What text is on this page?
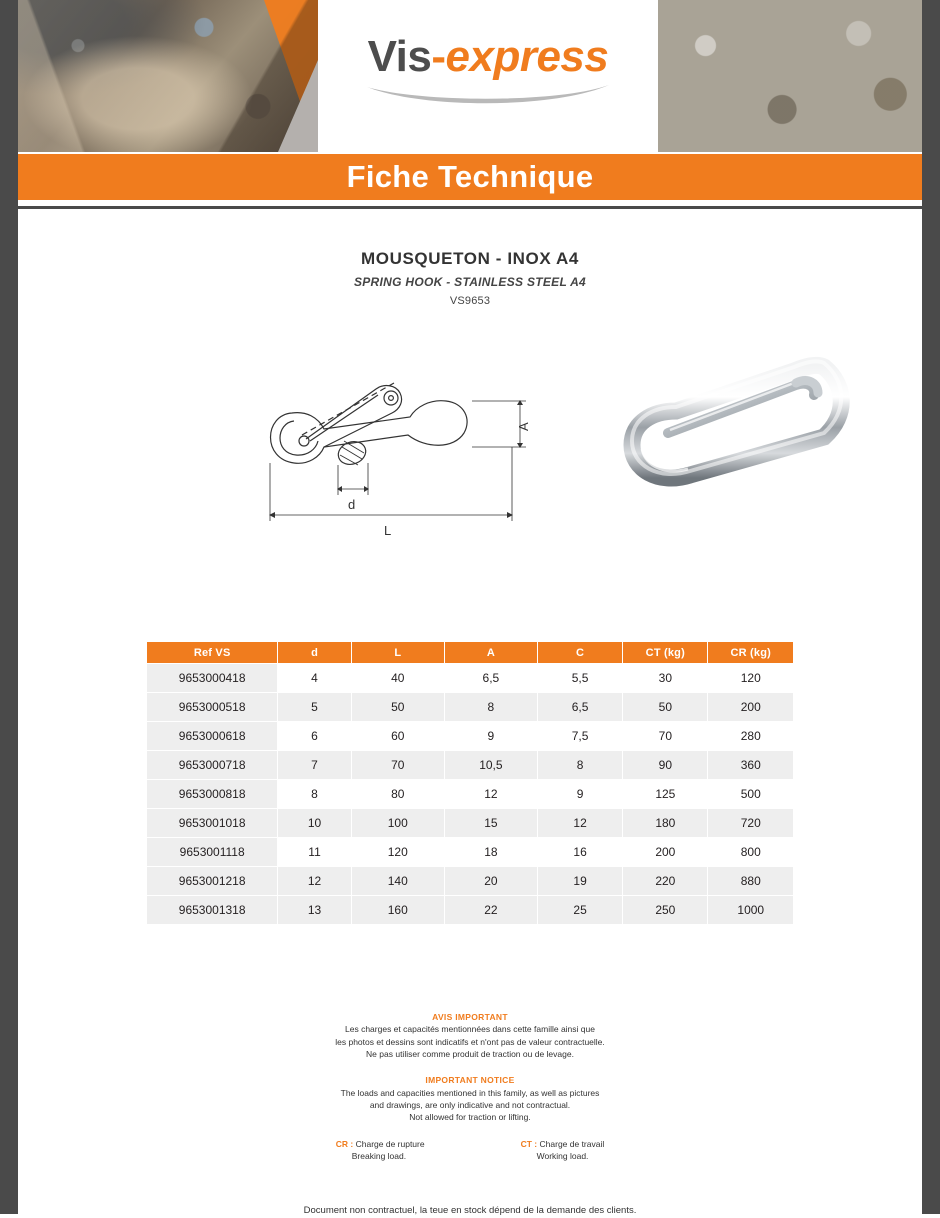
Vis-express
Fiche Technique
MOUSQUETON - INOX A4
SPRING HOOK - STAINLESS STEEL A4
VS9653
A
d
L
Ref VS	d	L	A	C	CT (kg)	CR (kg)
9653000418	4	40	6,5	5,5	30	120
9653000518	5	50	8	6,5	50	200
9653000618	6	60	9	7,5	70	280
9653000718	7	70	10,5	8	90	360
9653000818	8	80	12	9	125	500
9653001018	10	100	15	12	180	720
9653001118	11	120	18	16	200	800
9653001218	12	140	20	19	220	880
9653001318	13	160	22	25	250	1000
AVIS IMPORTANT
Les charges et capacités mentionnées dans cette famille ainsi que
les photos et dessins sont indicatifs et n'ont pas de valeur contractuelle.
Ne pas utiliser comme produit de traction ou de levage.
IMPORTANT NOTICE
The loads and capacities mentioned in this family, as well as pictures
and drawings, are only indicative and not contractual.
Not allowed for traction or lifting.
CR : Charge de rupture
Breaking load.
CT : Charge de travail
Working load.
Document non contractuel, la teue en stock dépend de la demande des clients.
